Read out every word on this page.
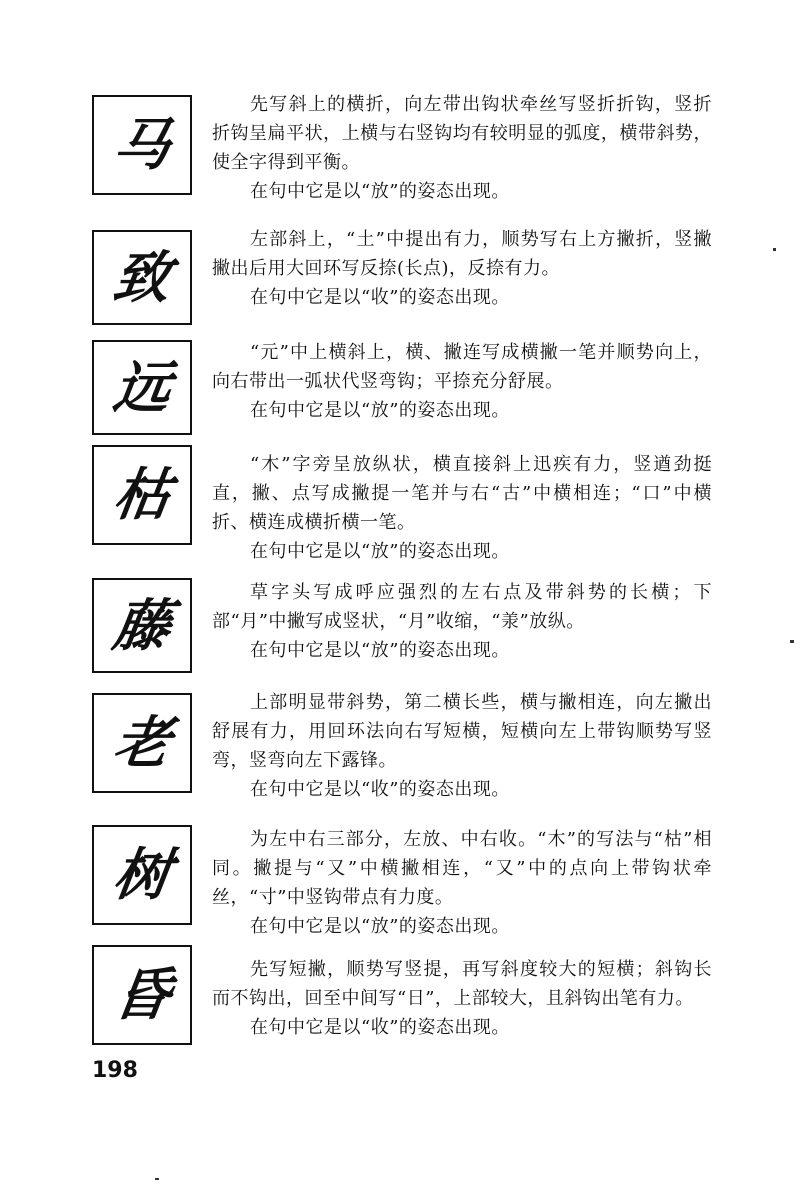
马
致
远
枯
藤
老
树
昏

先写斜上的横折，向左带出钩状牵丝写竖折折钩，竖折折钩呈扁平状，上横与右竖钩均有较明显的弧度，横带斜势，使全字得到平衡。
在句中它是以“放”的姿态出现。

左部斜上，“土”中提出有力，顺势写右上方撇折，竖撇撇出后用大回环写反捺(长点)，反捺有力。
在句中它是以“收”的姿态出现。

“元”中上横斜上，横、撇连写成横撇一笔并顺势向上，向右带出一弧状代竖弯钩；平捺充分舒展。
在句中它是以“放”的姿态出现。

“木”字旁呈放纵状，横直接斜上迅疾有力，竖遒劲挺直，撇、点写成撇提一笔并与右“古”中横相连；“口”中横折、横连成横折横一笔。
在句中它是以“放”的姿态出现。

草字头写成呼应强烈的左右点及带斜势的长横；下部“月”中撇写成竖状，“月”收缩，“𣴎”放纵。
在句中它是以“放”的姿态出现。

上部明显带斜势，第二横长些，横与撇相连，向左撇出舒展有力，用回环法向右写短横，短横向左上带钩顺势写竖弯，竖弯向左下露锋。
在句中它是以“收”的姿态出现。

为左中右三部分，左放、中右收。“木”的写法与“枯”相同。撇提与“又”中横撇相连，“又”中的点向上带钩状牵丝，“寸”中竖钩带点有力度。
在句中它是以“放”的姿态出现。

先写短撇，顺势写竖提，再写斜度较大的短横；斜钩长而不钩出，回至中间写“日”，上部较大，且斜钩出笔有力。
在句中它是以“收”的姿态出现。

198
